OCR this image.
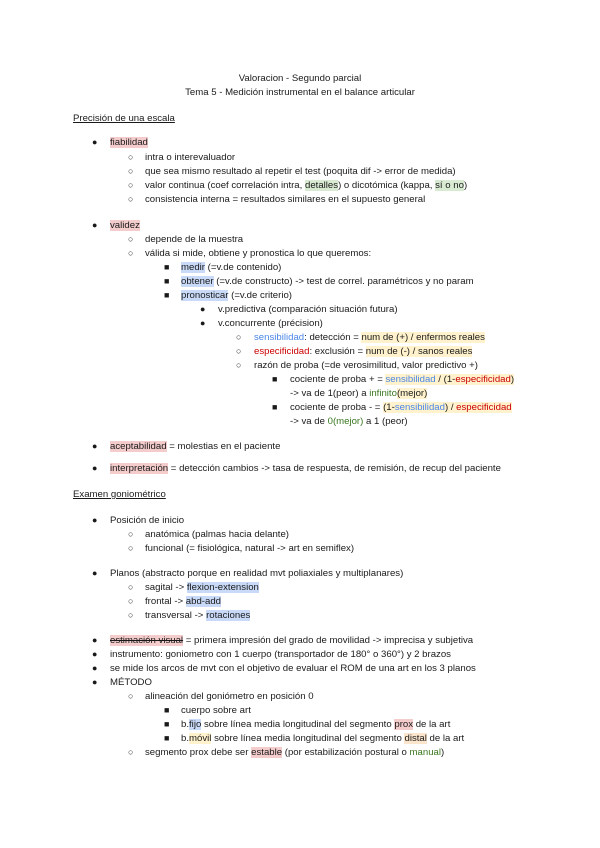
Valoracion - Segundo parcial
Tema 5 - Medición instrumental en el balance articular
Precisión de una escala
● fiabilidad
○ intra o interevaluador
○ que sea mismo resultado al repetir el test (poquita dif -> error de medida)
○ valor continua (coef correlación intra, detalles) o dicotómica (kappa, sí o no)
○ consistencia interna = resultados similares en el supuesto general
● validez
○ depende de la muestra
○ válida si mide, obtiene y pronostica lo que queremos:
■ medir (=v.de contenido)
■ obtener (=v.de constructo) -> test de correl. paramétricos y no param
■ pronosticar (=v.de criterio)
● v.predictiva (comparación situación futura)
● v.concurrente (précision)
○ sensibilidad: detección = num de (+) / enfermos reales
○ especificidad: exclusión = num de (-) / sanos reales
○ razón de proba (=de verosimilitud, valor predictivo +)
■ cociente de proba + = sensibilidad / (1-especificidad)
-> va de 1(peor) a infinito(mejor)
■ cociente de proba - = (1-sensibilidad) / especificidad
-> va de 0(mejor) a 1 (peor)
● aceptabilidad = molestias en el paciente
● interpretación = detección cambios -> tasa de respuesta, de remisión, de recup del paciente
Examen goniométrico
● Posición de inicio
○ anatómica (palmas hacia delante)
○ funcional (= fisiológica, natural -> art en semiflex)
● Planos (abstracto porque en realidad mvt poliaxiales y multiplanares)
○ sagital -> flexion-extension
○ frontal -> abd-add
○ transversal -> rotaciones
● estimación visual = primera impresión del grado de movilidad -> imprecisa y subjetiva
● instrumento: goniometro con 1 cuerpo (transportador de 180° o 360°) y 2 brazos
● se mide los arcos de mvt con el objetivo de evaluar el ROM de una art en los 3 planos
● MÉTODO
○ alineación del goniómetro en posición 0
■ cuerpo sobre art
■ b.fijo sobre línea media longitudinal del segmento prox de la art
■ b.móvil sobre línea media longitudinal del segmento distal de la art
○ segmento prox debe ser estable (por estabilización postural o manual)
